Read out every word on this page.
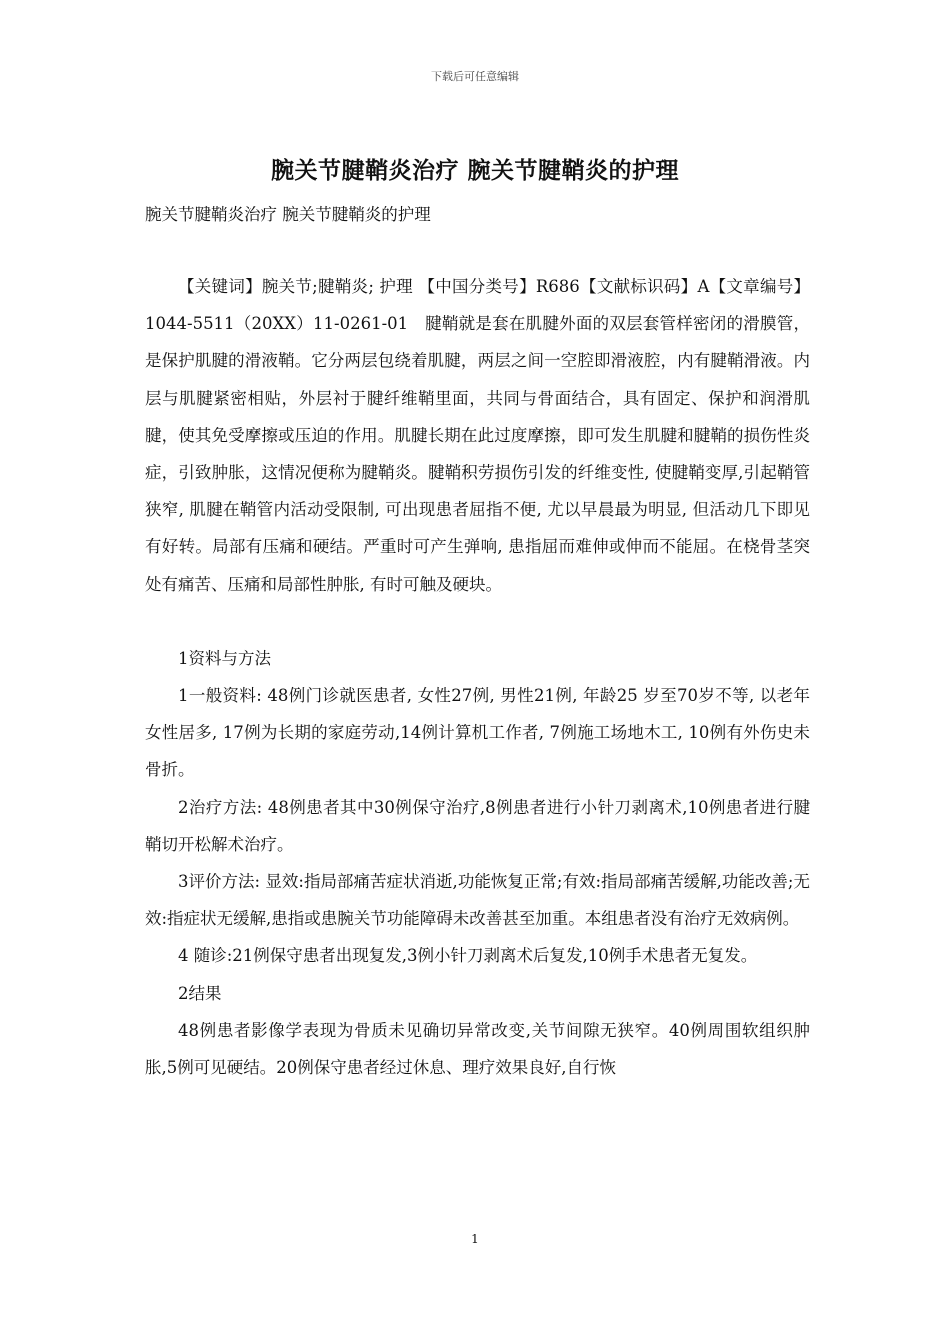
下载后可任意编辑
腕关节腱鞘炎治疗 腕关节腱鞘炎的护理
腕关节腱鞘炎治疗 腕关节腱鞘炎的护理

【关键词】腕关节;腱鞘炎; 护理 【中国分类号】R686【文献标识码】A【文章编号】1044-5511（20XX）11-0261-01　腱鞘就是套在肌腱外面的双层套管样密闭的滑膜管，是保护肌腱的滑液鞘。它分两层包绕着肌腱，两层之间一空腔即滑液腔，内有腱鞘滑液。内层与肌腱紧密相贴，外层衬于腱纤维鞘里面，共同与骨面结合，具有固定、保护和润滑肌腱，使其免受摩擦或压迫的作用。肌腱长期在此过度摩擦，即可发生肌腱和腱鞘的损伤性炎症，引致肿胀，这情况便称为腱鞘炎。腱鞘积劳损伤引发的纤维变性, 使腱鞘变厚,引起鞘管狭窄, 肌腱在鞘管内活动受限制, 可出现患者屈指不便, 尤以早晨最为明显, 但活动几下即见有好转。局部有压痛和硬结。严重时可产生弹响, 患指屈而难伸或伸而不能屈。在桡骨茎突处有痛苦、压痛和局部性肿胀, 有时可触及硬块。

1资料与方法

1一般资料: 48例门诊就医患者, 女性27例, 男性21例, 年龄25 岁至70岁不等, 以老年女性居多, 17例为长期的家庭劳动,14例计算机工作者, 7例施工场地木工, 10例有外伤史未骨折。

2治疗方法: 48例患者其中30例保守治疗,8例患者进行小针刀剥离术,10例患者进行腱鞘切开松解术治疗。

3评价方法: 显效:指局部痛苦症状消逝,功能恢复正常;有效:指局部痛苦缓解,功能改善;无效:指症状无缓解,患指或患腕关节功能障碍未改善甚至加重。本组患者没有治疗无效病例。

4 随诊:21例保守患者出现复发,3例小针刀剥离术后复发,10例手术患者无复发。

2结果

48例患者影像学表现为骨质未见确切异常改变,关节间隙无狭窄。40例周围软组织肿胀,5例可见硬结。20例保守患者经过休息、理疗效果良好,自行恢

1
